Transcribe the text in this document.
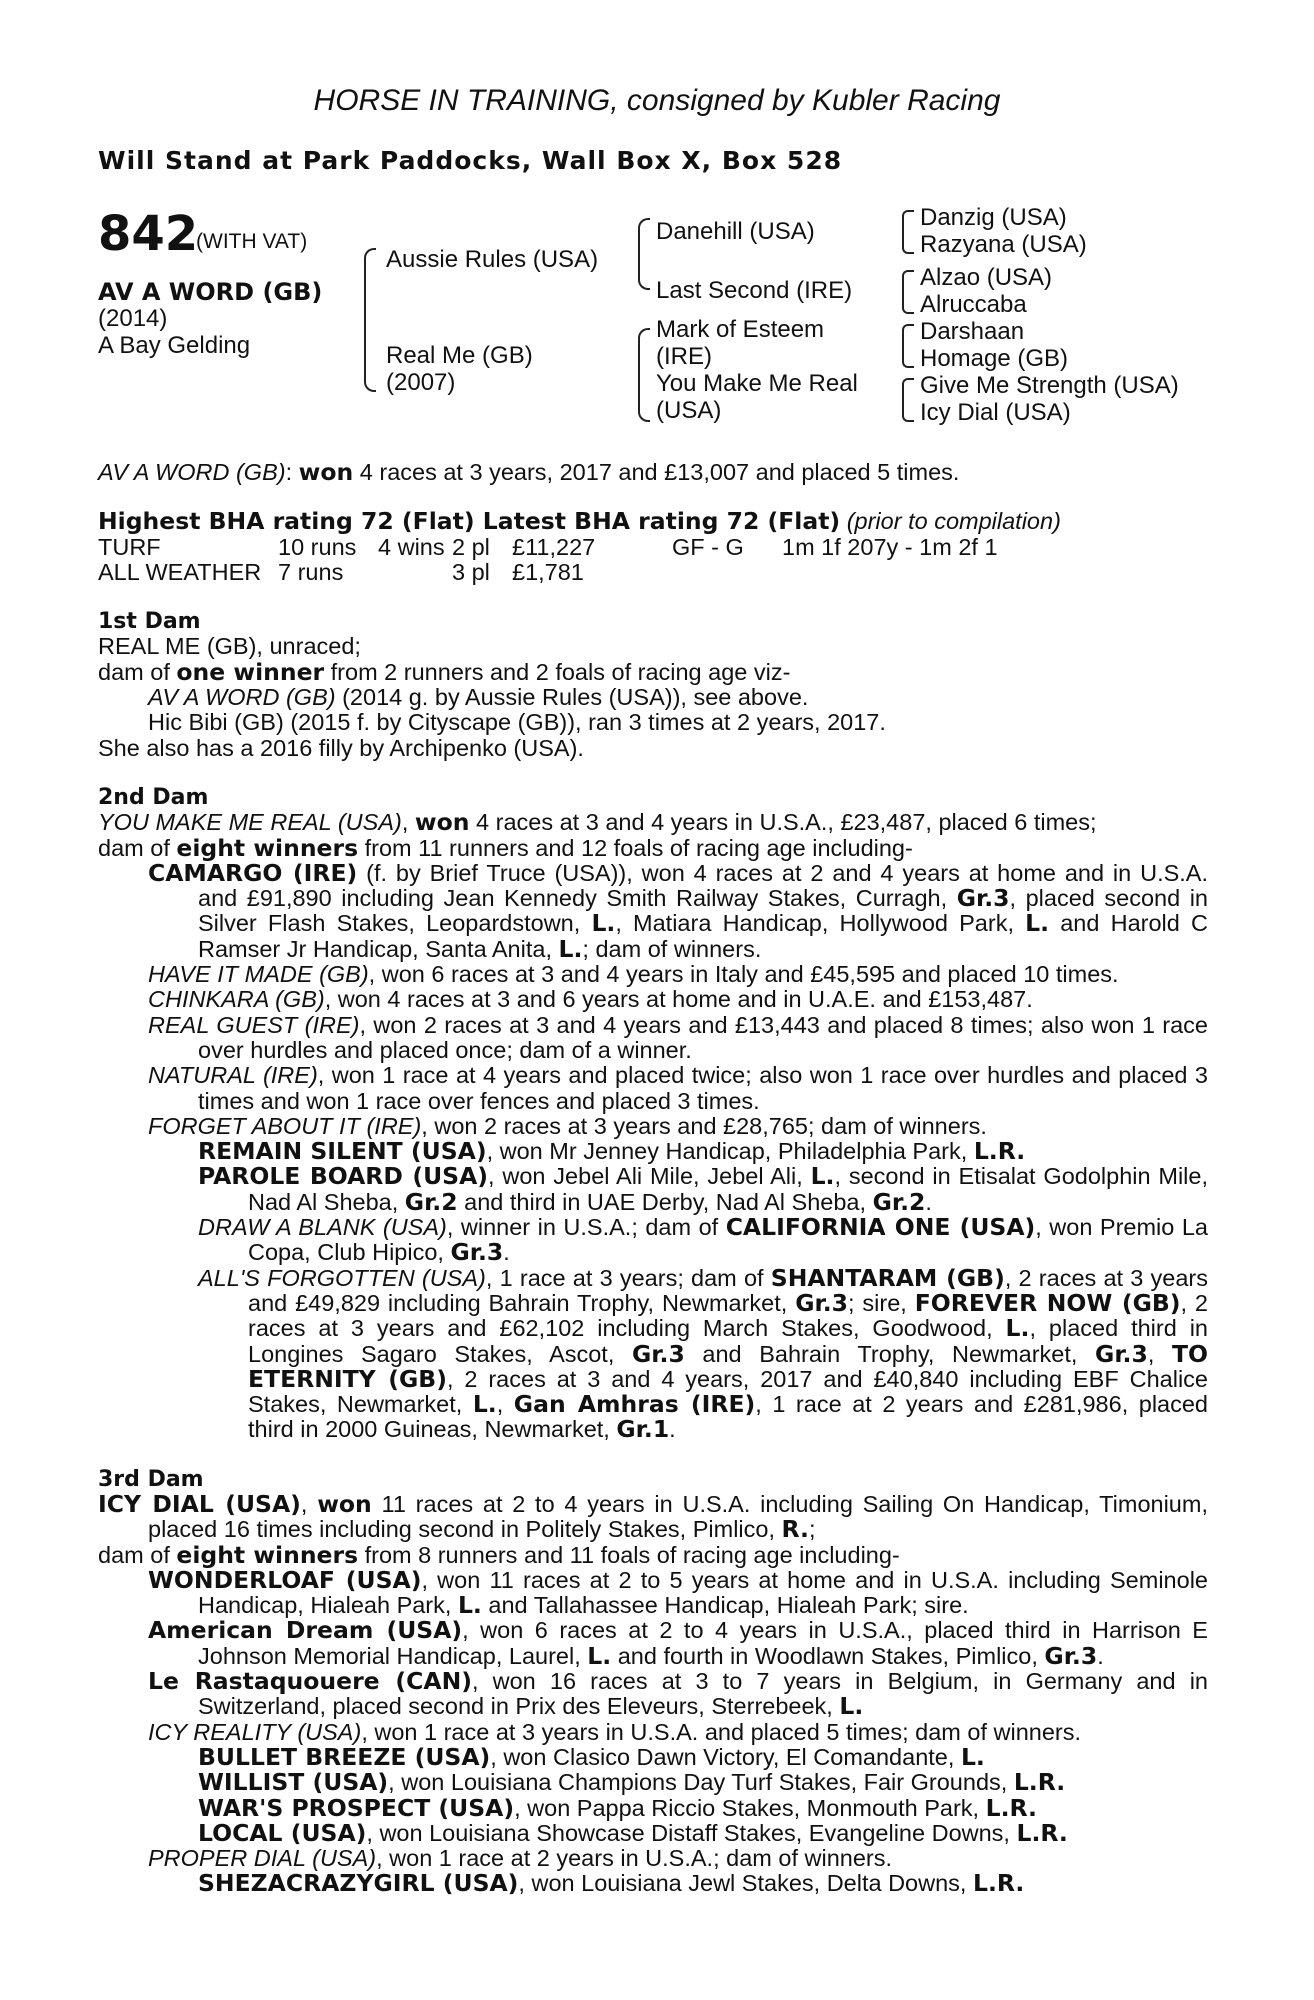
HORSE IN TRAINING, consigned by Kubler Racing
Will Stand at Park Paddocks, Wall Box X, Box 528
842
(WITH VAT)
AV A WORD (GB)
(2014)
A Bay Gelding
Aussie Rules (USA)
Real Me (GB)
(2007)
Danehill (USA)
Last Second (IRE)
Mark of Esteem
(IRE)
You Make Me Real
(USA)
Danzig (USA)
Razyana (USA)
Alzao (USA)
Alruccaba
Darshaan
Homage (GB)
Give Me Strength (USA)
Icy Dial (USA)

AV A WORD (GB): won 4 races at 3 years, 2017 and £13,007 and placed 5 times.

Highest BHA rating 72 (Flat) Latest BHA rating 72 (Flat) (prior to compilation)

TURF	10 runs 4 wins 2 pl £11,227	GF - G	1m 1f 207y - 1m 2f 1
ALL WEATHER 7 runs	3 pl £1,781

1st Dam

REAL ME (GB), unraced;

dam of one winner from 2 runners and 2 foals of racing age viz-

AV A WORD (GB) (2014 g. by Aussie Rules (USA)), see above.

Hic Bibi (GB) (2015 f. by Cityscape (GB)), ran 3 times at 2 years, 2017.

She also has a 2016 filly by Archipenko (USA).

2nd Dam

YOU MAKE ME REAL (USA), won 4 races at 3 and 4 years in U.S.A., £23,487, placed 6 times;

dam of eight winners from 11 runners and 12 foals of racing age including-

CAMARGO (IRE) (f. by Brief Truce (USA)), won 4 races at 2 and 4 years at home and in U.S.A. and £91,890 including Jean Kennedy Smith Railway Stakes, Curragh, Gr.3, placed second in Silver Flash Stakes, Leopardstown, L., Matiara Handicap, Hollywood Park, L. and Harold C Ramser Jr Handicap, Santa Anita, L.; dam of winners.

HAVE IT MADE (GB), won 6 races at 3 and 4 years in Italy and £45,595 and placed 10 times.

CHINKARA (GB), won 4 races at 3 and 6 years at home and in U.A.E. and £153,487.

REAL GUEST (IRE), won 2 races at 3 and 4 years and £13,443 and placed 8 times; also won 1 race over hurdles and placed once; dam of a winner.

NATURAL (IRE), won 1 race at 4 years and placed twice; also won 1 race over hurdles and placed 3 times and won 1 race over fences and placed 3 times.

FORGET ABOUT IT (IRE), won 2 races at 3 years and £28,765; dam of winners.

REMAIN SILENT (USA), won Mr Jenney Handicap, Philadelphia Park, L.R.

PAROLE BOARD (USA), won Jebel Ali Mile, Jebel Ali, L., second in Etisalat Godolphin Mile, Nad Al Sheba, Gr.2 and third in UAE Derby, Nad Al Sheba, Gr.2.

DRAW A BLANK (USA), winner in U.S.A.; dam of CALIFORNIA ONE (USA), won Premio La Copa, Club Hipico, Gr.3.

ALL'S FORGOTTEN (USA), 1 race at 3 years; dam of SHANTARAM (GB), 2 races at 3 years and £49,829 including Bahrain Trophy, Newmarket, Gr.3; sire, FOREVER NOW (GB), 2 races at 3 years and £62,102 including March Stakes, Goodwood, L., placed third in Longines Sagaro Stakes, Ascot, Gr.3 and Bahrain Trophy, Newmarket, Gr.3, TO ETERNITY (GB), 2 races at 3 and 4 years, 2017 and £40,840 including EBF Chalice Stakes, Newmarket, L., Gan Amhras (IRE), 1 race at 2 years and £281,986, placed third in 2000 Guineas, Newmarket, Gr.1.

3rd Dam

ICY DIAL (USA), won 11 races at 2 to 4 years in U.S.A. including Sailing On Handicap, Timonium, placed 16 times including second in Politely Stakes, Pimlico, R.;

dam of eight winners from 8 runners and 11 foals of racing age including-

WONDERLOAF (USA), won 11 races at 2 to 5 years at home and in U.S.A. including Seminole Handicap, Hialeah Park, L. and Tallahassee Handicap, Hialeah Park; sire.

American Dream (USA), won 6 races at 2 to 4 years in U.S.A., placed third in Harrison E Johnson Memorial Handicap, Laurel, L. and fourth in Woodlawn Stakes, Pimlico, Gr.3.

Le Rastaquouere (CAN), won 16 races at 3 to 7 years in Belgium, in Germany and in Switzerland, placed second in Prix des Eleveurs, Sterrebeek, L.

ICY REALITY (USA), won 1 race at 3 years in U.S.A. and placed 5 times; dam of winners.

BULLET BREEZE (USA), won Clasico Dawn Victory, El Comandante, L.

WILLIST (USA), won Louisiana Champions Day Turf Stakes, Fair Grounds, L.R.

WAR'S PROSPECT (USA), won Pappa Riccio Stakes, Monmouth Park, L.R.

LOCAL (USA), won Louisiana Showcase Distaff Stakes, Evangeline Downs, L.R.

PROPER DIAL (USA), won 1 race at 2 years in U.S.A.; dam of winners.

SHEZACRAZYGIRL (USA), won Louisiana Jewl Stakes, Delta Downs, L.R.
